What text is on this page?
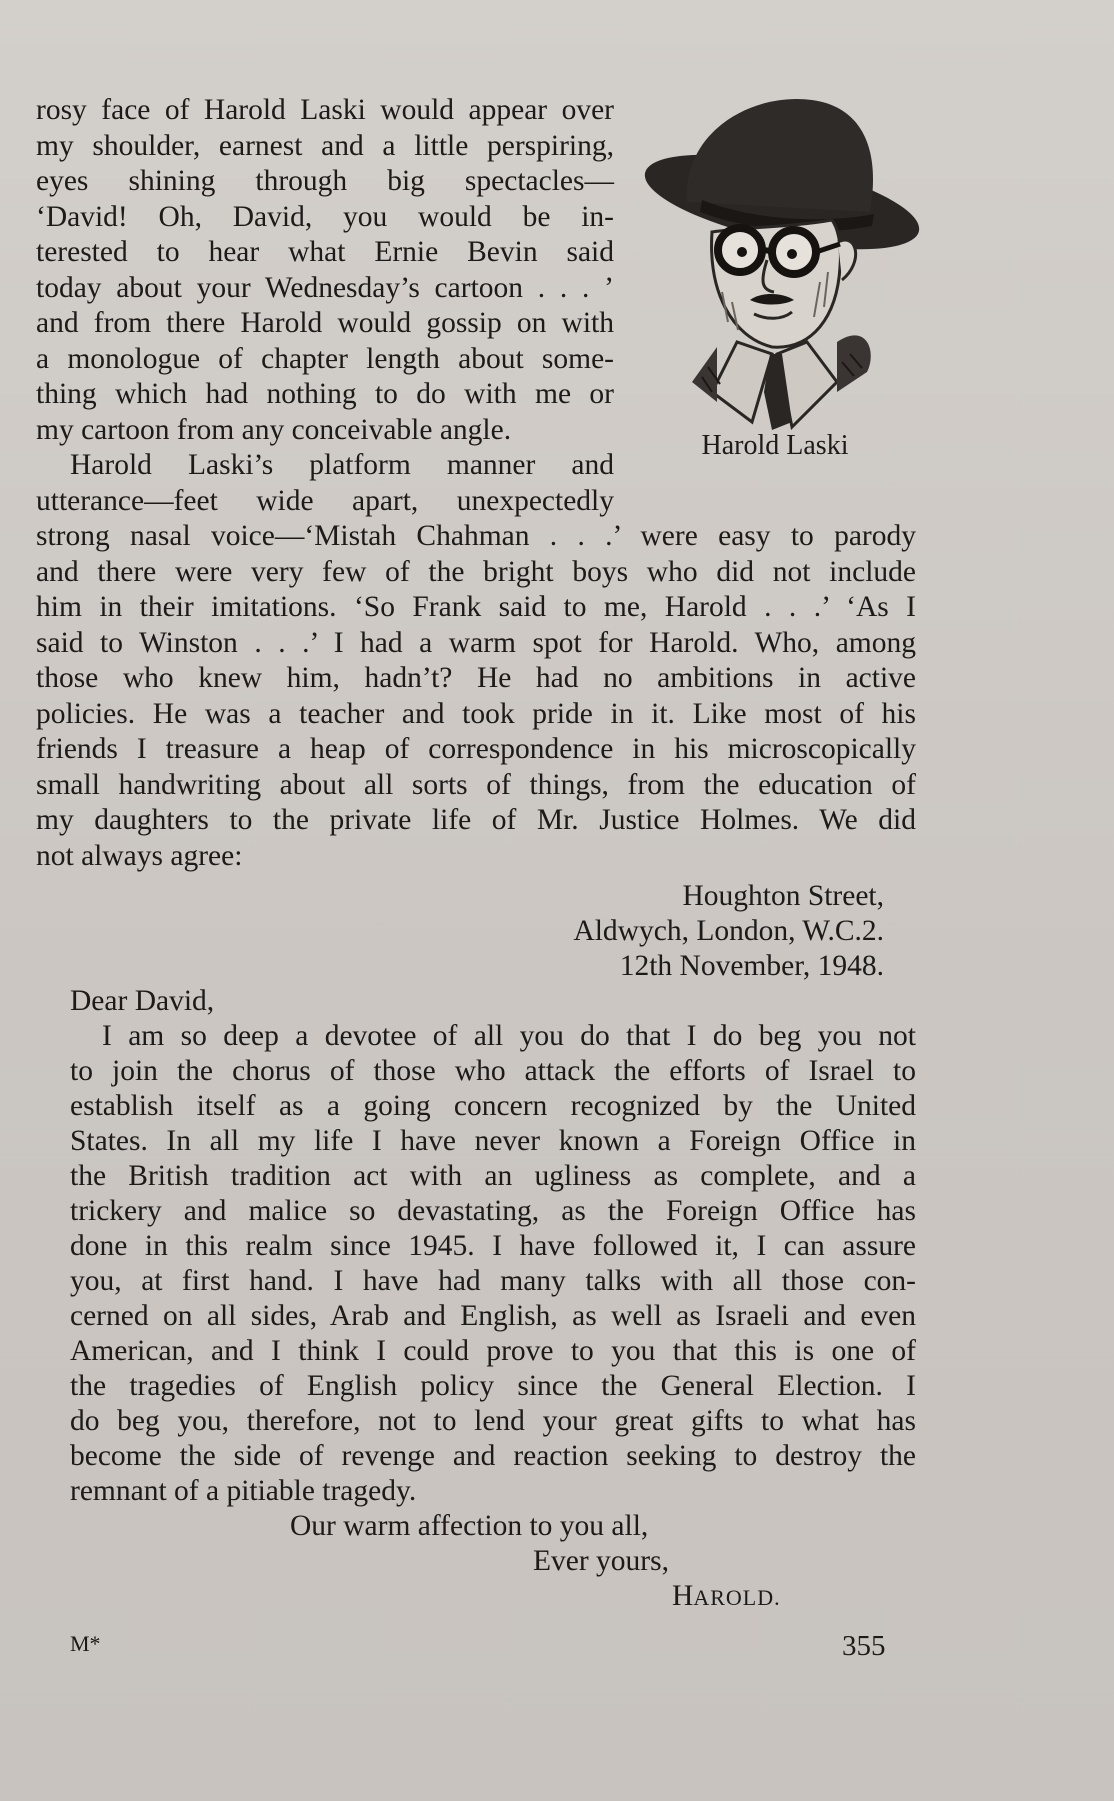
Harold Laski

rosy face of Harold Laski would appear over

my shoulder, earnest and a little perspiring,

eyes shining through big spectacles—

‘David! Oh, David, you would be in-

terested to hear what Ernie Bevin said

today about your Wednesday’s cartoon . . . ’

and from there Harold would gossip on with

a monologue of chapter length about some-

thing which had nothing to do with me or

my cartoon from any conceivable angle.

Harold Laski’s platform manner and

utterance—feet wide apart, unexpectedly

strong nasal voice—‘Mistah Chahman . . .’ were easy to parody

and there were very few of the bright boys who did not include

him in their imitations. ‘So Frank said to me, Harold . . .’ ‘As I

said to Winston . . .’ I had a warm spot for Harold. Who, among

those who knew him, hadn’t? He had no ambitions in active

policies. He was a teacher and took pride in it. Like most of his

friends I treasure a heap of correspondence in his microscopically

small handwriting about all sorts of things, from the education of

my daughters to the private life of Mr. Justice Holmes. We did

not always agree:

Houghton Street,

Aldwych, London, W.C.2.

12th November, 1948.

Dear David,

I am so deep a devotee of all you do that I do beg you not

to join the chorus of those who attack the efforts of Israel to

establish itself as a going concern recognized by the United

States. In all my life I have never known a Foreign Office in

the British tradition act with an ugliness as complete, and a

trickery and malice so devastating, as the Foreign Office has

done in this realm since 1945. I have followed it, I can assure

you, at first hand. I have had many talks with all those con-

cerned on all sides, Arab and English, as well as Israeli and even

American, and I think I could prove to you that this is one of

the tragedies of English policy since the General Election. I

do beg you, therefore, not to lend your great gifts to what has

become the side of revenge and reaction seeking to destroy the

remnant of a pitiable tragedy.

Our warm affection to you all,

Ever yours,

HAROLD.

M*	355
